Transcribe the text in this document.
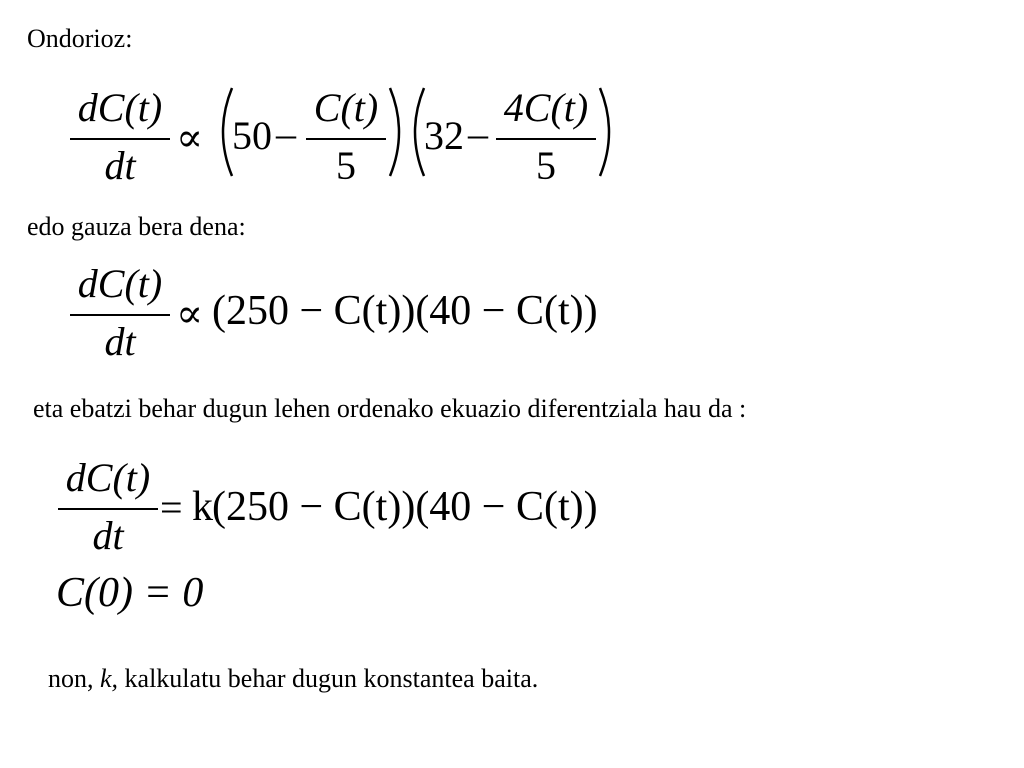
Ondorioz:
dC(t)
dt
∝ 50 –
C(t)
5
32 –
4C(t)
5
edo gauza bera dena:
dC(t)
dt
∝ (250 − C(t))(40 − C(t))
eta ebatzi behar dugun lehen ordenako ekuazio diferentziala hau da :
dC(t)
dt
= k (250 − C(t))(40 − C(t))
C(0) = 0
non, k, kalkulatu behar dugun konstantea baita.
